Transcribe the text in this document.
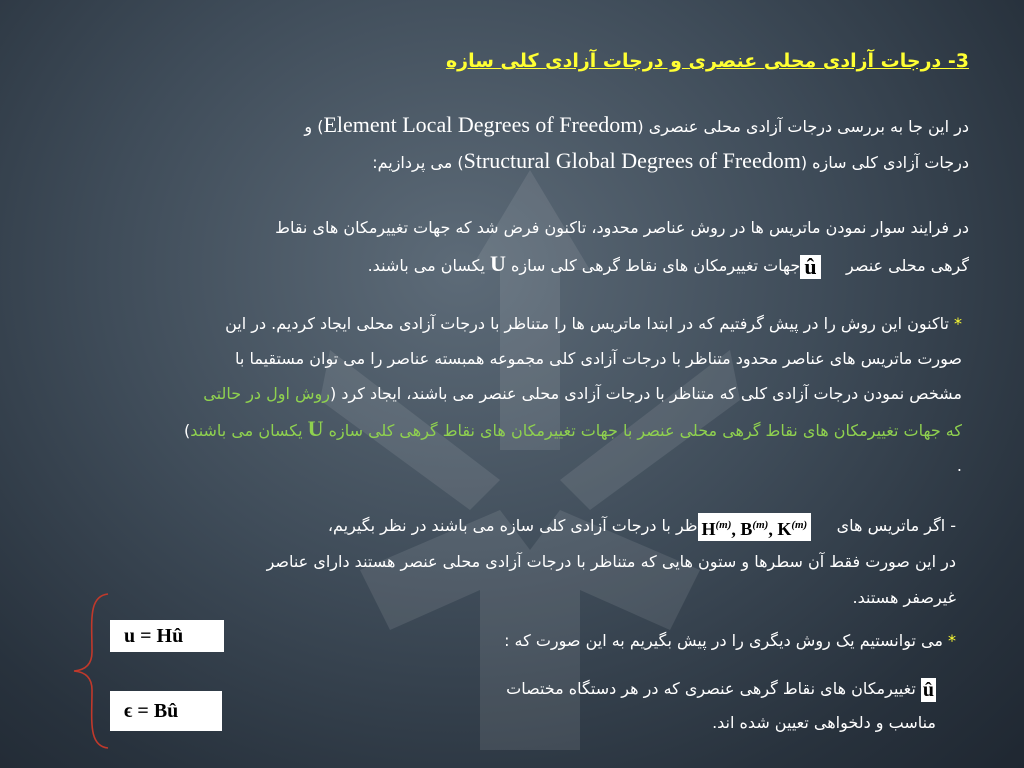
3- درجات آزادی محلی عنصری و درجات آزادی کلی سازه
در این جا به بررسی درجات آزادی محلی عنصری (Element Local Degrees of Freedom) و
درجات آزادی کلی سازه (Structural Global Degrees of Freedom) می پردازیم:
در فرایند سوار نمودن ماتریس ها در روش عناصر محدود، تاکنون فرض شد که جهات تغییرمکان های نقاط
گرهی محلی عنصر     ûجهات تغییرمکان های نقاط گرهی کلی سازه U یکسان می باشند.
* تاکنون این روش را در پیش گرفتیم که در ابتدا ماتریس ها را متناظر با درجات آزادی محلی ایجاد کردیم. در این
صورت ماتریس های عناصر محدود متناظر با درجات آزادی کلی مجموعه همبسته عناصر را می توان مستقیما با
مشخص نمودن درجات آزادی کلی که متناظر با درجات آزادی محلی عنصر می باشند، ایجاد کرد (روش اول در حالتی
که جهات تغییرمکان های نقاط گرهی محلی عنصر با جهات تغییرمکان های نقاط گرهی کلی سازه U یکسان می باشند)
.
- اگر ماتریس های     $H^{(m)}$, $B^{(m)}$, $K^{(m)}ظر$ با درجات آزادی کلی سازه می باشند در نظر بگیریم،
در این صورت فقط آن سطرها و ستون هایی که متناظر با درجات آزادی محلی عنصر هستند دارای عناصر
غیرصفر هستند.
* می توانستیم یک روش دیگری را در پیش بگیریم به این صورت که :
û تغییرمکان های نقاط گرهی عنصری که در هر دستگاه مختصات
مناسب و دلخواهی تعیین شده اند.
u = Hû
ϵ = Bû
